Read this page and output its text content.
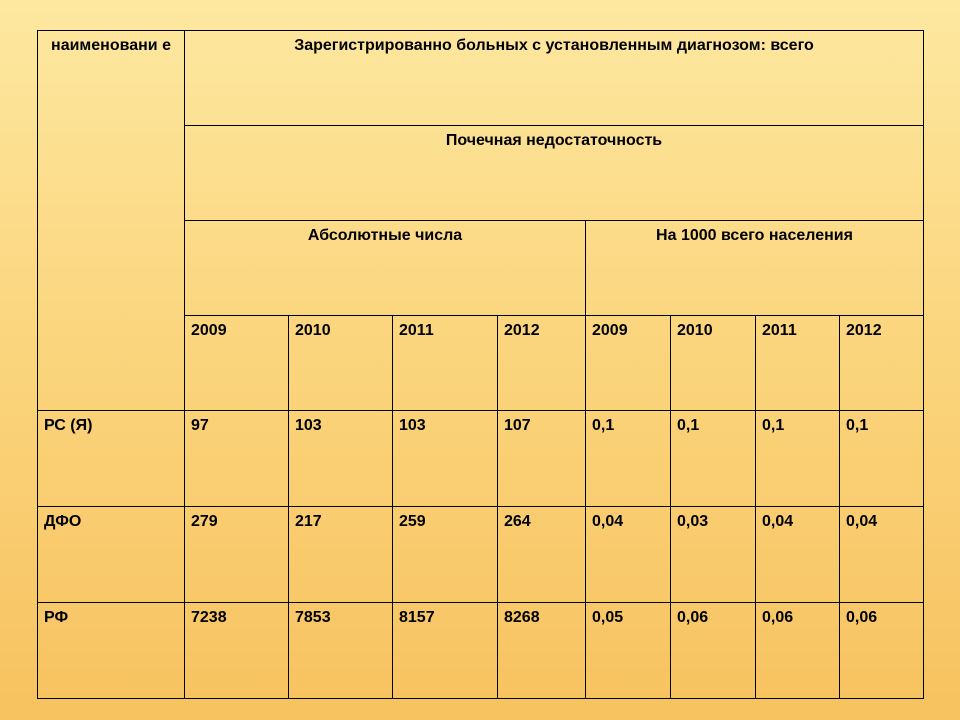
наименовани е	Зарегистрированно больных с установленным диагнозом: всего							
	Почечная недостаточность							
	Абсолютные числа				На 1000 всего населения			
	2009	2010	2011	2012	2009	2010	2011	2012
РС (Я)	97	103	103	107	0,1	0,1	0,1	0,1
ДФО	279	217	259	264	0,04	0,03	0,04	0,04
РФ	7238	7853	8157	8268	0,05	0,06	0,06	0,06
